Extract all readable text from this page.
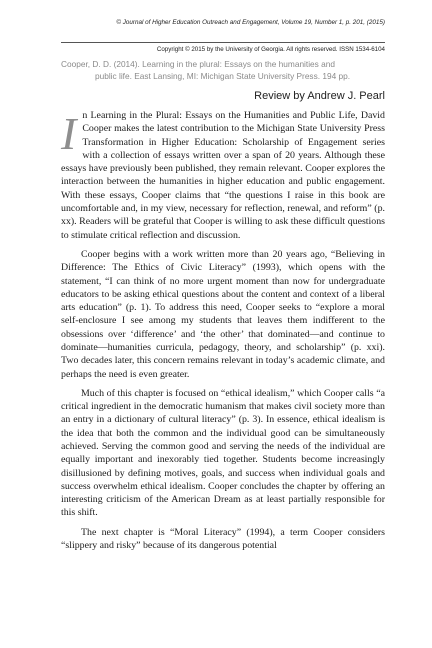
© Journal of Higher Education Outreach and Engagement, Volume 19, Number 1, p. 201, (2015)
Copyright © 2015 by the University of Georgia. All rights reserved. ISSN 1534-6104
Cooper, D. D. (2014). Learning in the plural: Essays on the humanities and
public life. East Lansing, MI: Michigan State University Press. 194 pp.
Review by Andrew J. Pearl

In Learning in the Plural: Essays on the Humanities and Public Life, David Cooper makes the latest contribution to the Michigan State University Press Transformation in Higher Education: Scholarship of Engagement series with a collection of essays written over a span of 20 years. Although these essays have previously been published, they remain relevant. Cooper explores the interaction between the humanities in higher education and public engagement. With these essays, Cooper claims that “the questions I raise in this book are uncomfortable and, in my view, necessary for reflection, renewal, and reform” (p. xx). Readers will be grateful that Cooper is willing to ask these difficult questions to stimulate critical reflection and discussion.

Cooper begins with a work written more than 20 years ago, “Believing in Difference: The Ethics of Civic Literacy” (1993), which opens with the statement, “I can think of no more urgent moment than now for undergraduate educators to be asking ethical questions about the content and context of a liberal arts education” (p. 1). To address this need, Cooper seeks to “explore a moral self-enclosure I see among my students that leaves them indifferent to the obsessions over ‘difference’ and ‘the other’ that dominated—and continue to dominate—humanities curricula, pedagogy, theory, and scholarship” (p. xxi). Two decades later, this concern remains relevant in today’s academic climate, and perhaps the need is even greater.

Much of this chapter is focused on “ethical idealism,” which Cooper calls “a critical ingredient in the democratic humanism that makes civil society more than an entry in a dictionary of cultural literacy” (p. 3). In essence, ethical idealism is the idea that both the common and the individual good can be simultaneously achieved. Serving the common good and serving the needs of the individual are equally important and inexorably tied together. Students become increasingly disillusioned by defining motives, goals, and success when individual goals and success overwhelm ethical idealism. Cooper concludes the chapter by offering an interesting criticism of the American Dream as at least partially responsible for this shift.

The next chapter is “Moral Literacy” (1994), a term Cooper considers “slippery and risky” because of its dangerous potential
